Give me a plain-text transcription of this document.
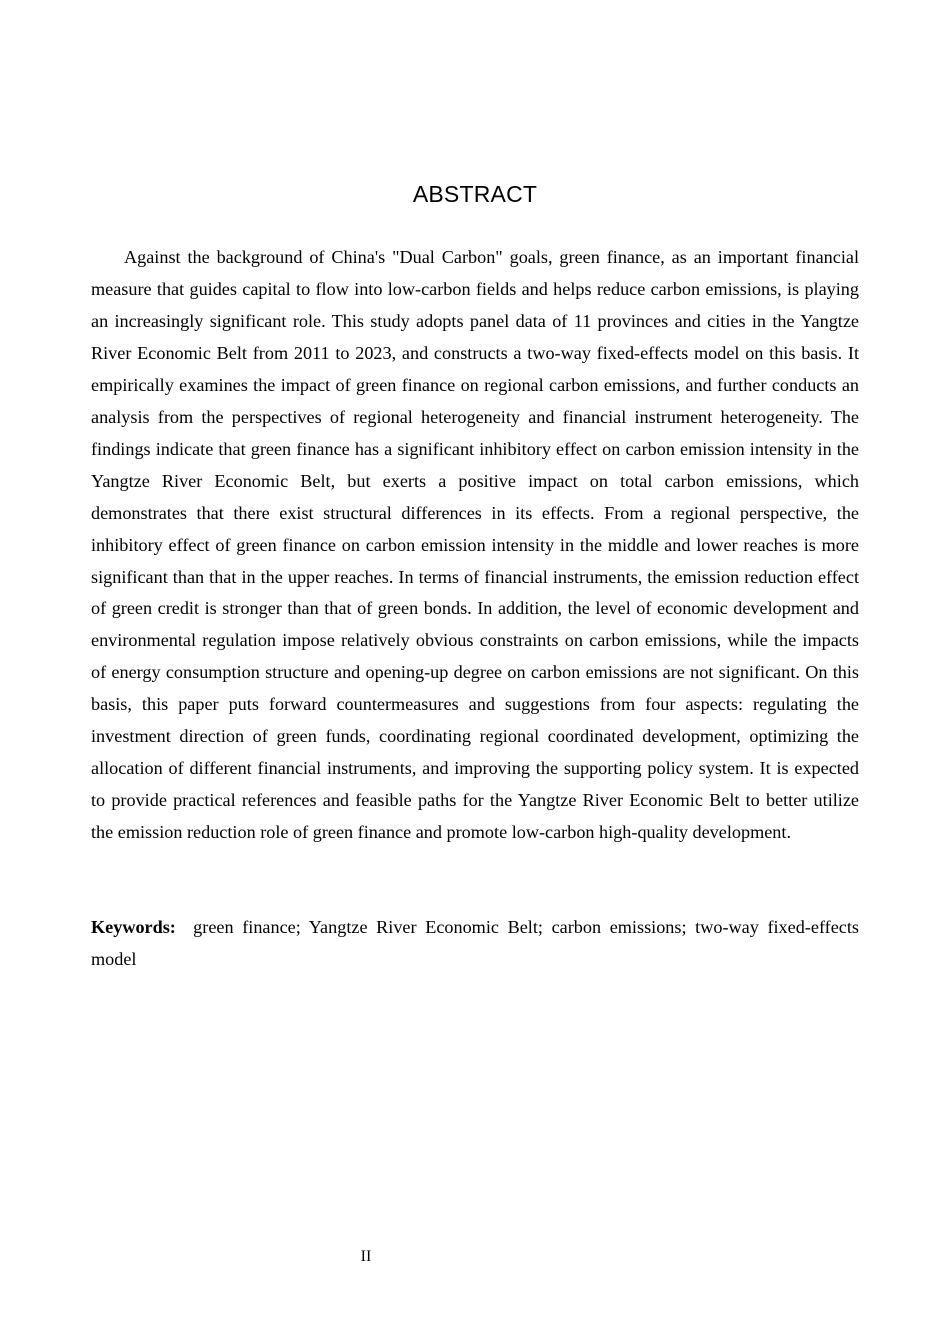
ABSTRACT

Against the background of China's "Dual Carbon" goals, green finance, as an important financial measure that guides capital to flow into low-carbon fields and helps reduce carbon emissions, is playing an increasingly significant role. This study adopts panel data of 11 provinces and cities in the Yangtze River Economic Belt from 2011 to 2023, and constructs a two-way fixed-effects model on this basis. It empirically examines the impact of green finance on regional carbon emissions, and further conducts an analysis from the perspectives of regional heterogeneity and financial instrument heterogeneity. The findings indicate that green finance has a significant inhibitory effect on carbon emission intensity in the Yangtze River Economic Belt, but exerts a positive impact on total carbon emissions, which demonstrates that there exist structural differences in its effects. From a regional perspective, the inhibitory effect of green finance on carbon emission intensity in the middle and lower reaches is more significant than that in the upper reaches. In terms of financial instruments, the emission reduction effect of green credit is stronger than that of green bonds. In addition, the level of economic development and environmental regulation impose relatively obvious constraints on carbon emissions, while the impacts of energy consumption structure and opening-up degree on carbon emissions are not significant. On this basis, this paper puts forward countermeasures and suggestions from four aspects: regulating the investment direction of green funds, coordinating regional coordinated development, optimizing the allocation of different financial instruments, and improving the supporting policy system. It is expected to provide practical references and feasible paths for the Yangtze River Economic Belt to better utilize the emission reduction role of green finance and promote low-carbon high-quality development.

Keywords: green finance; Yangtze River Economic Belt; carbon emissions; two-way fixed-effects model

II
